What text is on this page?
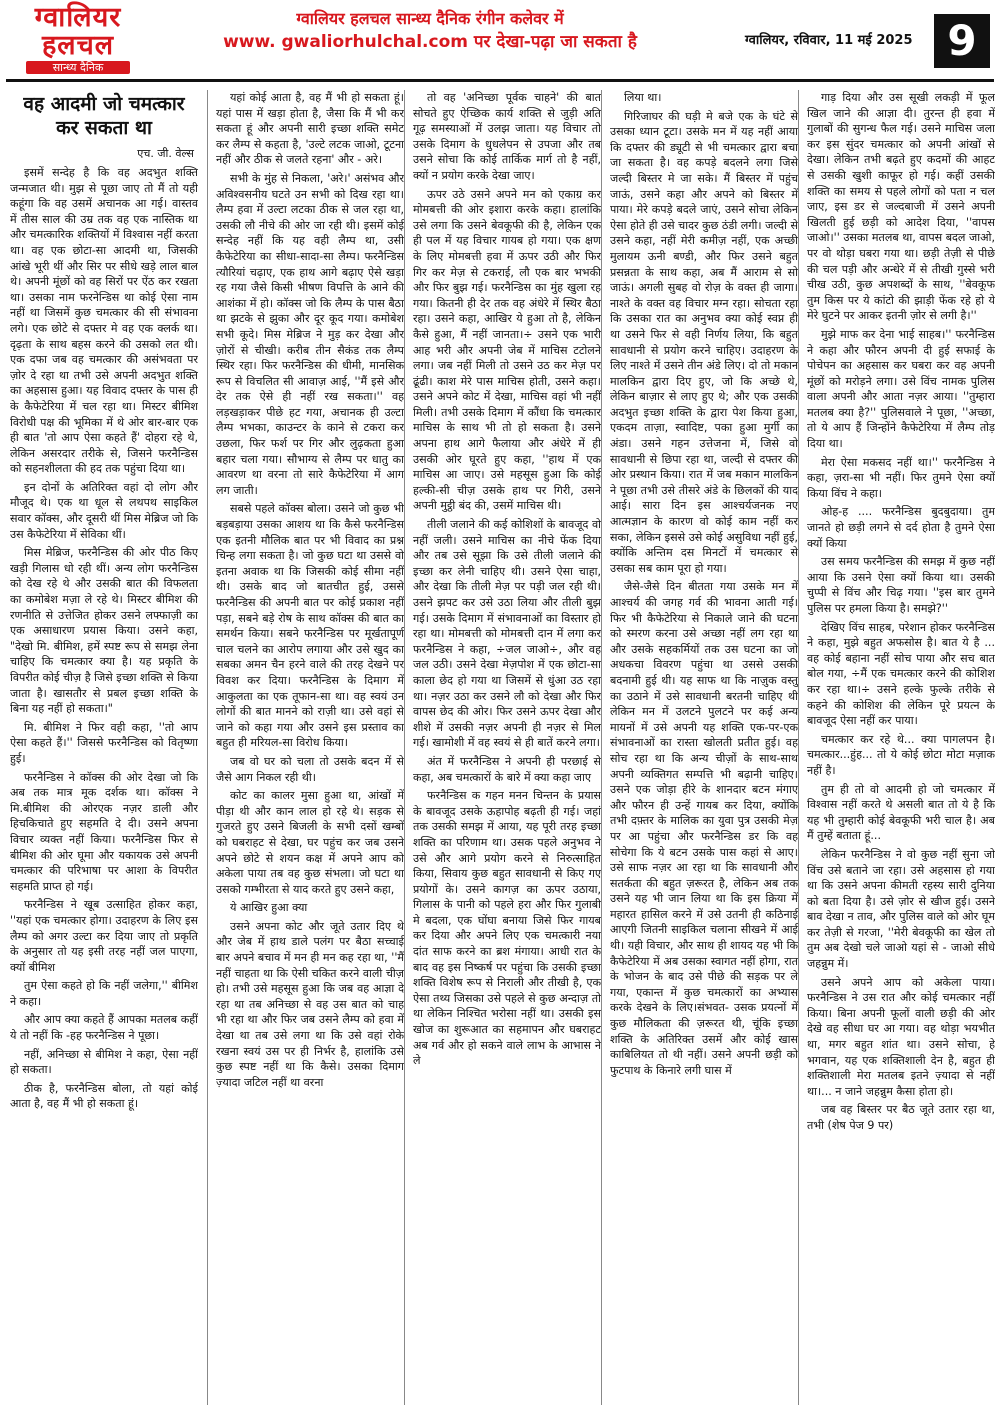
ग्वालियर
हलचल
सान्ध्य दैनिक
ग्वालियर हलचल सान्ध्य दैनिक रंगीन कलेवर में
www. gwaliorhulchal.com पर देखा-पढ़ा जा सकता है	ग्वालियर, रविवार, 11 मई 2025 9
वह आदमी जो चमत्कार कर सकता था
एच. जी. वेल्स

इसमें सन्देह है कि वह अदभुत शक्ति जन्मजात थी। मुझ से पूछा जाए तो मैं तो यही कहूंगा कि वह उसमें अचानक आ गई। वास्तव में तीस साल की उम्र तक वह एक नास्तिक था और चमत्कारिक शक्तियों में विश्वास नहीं करता था। वह एक छोटा-सा आदमी था, जिसकी आंखे भूरी थीं और सिर पर सीधे खड़े लाल बाल थे। अपनी मूंछों को वह सिरों पर ऐंठ कर रखता था। उसका नाम फरनेन्डिस था कोई ऐसा नाम नहीं था जिसमें कुछ चमत्कार की सी संभावना लगे। एक छोटे से दफ्तर मे वह एक क्लर्क था। दृढ़ता के साथ बहस करने की उसको लत थी। एक दफा जब वह चमत्कार की असंभवता पर ज़ोर दे रहा था तभी उसे अपनी अदभुत शक्ति का अहसास हुआ। यह विवाद दफ्तर के पास ही के कैफेटेरिया में चल रहा था। मिस्टर बीमिश विरोधी पक्ष की भूमिका में थे ओर बार-बार एक ही बात 'तो आप ऐसा कहते हैं' दोहरा रहे थे, लेकिन असरदार तरीके से, जिसने फरनैन्डिस को सहनशीलता की हद तक पहुंचा दिया था।

इन दोनों के अतिरिक्त वहां दो लोग और मौजूद थे। एक था धूल से लथपथ साइकिल सवार कॉक्स, और दूसरी थीं मिस मेब्रिज जो कि उस कैफेटेरिया में सेविका थीं।

मिस मेब्रिज, फरनैन्डिस की ओर पीठ किए खड़ी गिलास धो रही थीं। अन्य लोग फरनैन्डिस को देख रहे थे और उसकी बात की विफलता का कमोबेश मज़ा ले रहे थे। मिस्टर बीमिश की रणनीति से उत्तेजित होकर उसने लफ्फाज़ी का एक असाधारण प्रयास किया। उसने कहा, "देखो मि. बीमिश, हमें स्पष्ट रूप से समझ लेना चाहिए कि चमत्कार क्या है। यह प्रकृति के विपरीत कोई चीज़ है जिसे इच्छा शक्ति से किया जाता है। खासतौर से प्रबल इच्छा शक्ति के बिना यह नहीं हो सकता।"

मि. बीमिश ने फिर वही कहा, ''तो आप ऐसा कहते हैं।'' जिससे फरनैन्डिस को वितृष्णा हुई।

फरनैन्डिस ने कॉक्स की ओर देखा जो कि अब तक मात्र मूक दर्शक था। कॉक्स ने मि.बीमिश की ओरएक नज़र डाली और हिचकिचाते हुए सहमति दे दी। उसने अपना विचार व्यक्त नहीं किया। फरनैन्डिस फिर से बीमिश की ओर घूमा और यकायक उसे अपनी चमत्कार की परिभाषा पर आशा के विपरीत सहमति प्राप्त हो गई।

फरनैन्डिस ने खूब उत्साहित होकर कहा, ''यहां एक चमत्कार होगा। उदाहरण के लिए इस लैम्प को अगर उल्टा कर दिया जाए तो प्रकृति के अनुसार तो यह इसी तरह नहीं जल पाएगा, क्यों बीमिश

तुम ऐसा कहते हो कि नहीं जलेगा,'' बीमिश ने कहा।

और आप क्या कहते हैं आपका मतलब कहीं ये तो नहीं कि -हह फरनैन्डिस ने पूछा।

नहीं, अनिच्छा से बीमिश ने कहा, ऐसा नहीं हो सकता।

ठीक है, फरनैन्डिस बोला, तो यहां कोई आता है, वह मैं भी हो सकता हूं।

यहां कोई आता है, वह मैं भी हो सकता हूं। यहां पास में खड़ा होता है, जैसा कि मैं भी कर सकता हूं और अपनी सारी इच्छा शक्ति समेट कर लैम्प से कहता है, 'उल्टे लटक जाओ, टूटना नहीं और ठीक से जलते रहना' और - अरे।

सभी के मुंह से निकला, 'अरे।' असंभव और अविश्वसनीय घटते उन सभी को दिख रहा था। लैम्प हवा में उल्टा लटका ठीक से जल रहा था, उसकी लौ नीचे की ओर जा रही थी। इसमें कोई सन्देह नहीं कि यह वही लैम्प था, उसी कैफेटेरिया का सीधा-सादा-सा लैम्प। फरनैन्डिस त्यौरियां चढ़ाए, एक हाथ आगे बढ़ाए ऐसे खड़ा रह गया जैसे किसी भीषण विपत्ति के आने की आशंका में हो। कॉक्स जो कि लैम्प के पास बैठा था झटके से झुका और दूर कूद गया। कमोबेश सभी कूदे। मिस मेब्रिज ने मुड़ कर देखा और ज़ोरों से चीखी। करीब तीन सैकंड तक लैम्प स्थिर रहा। फिर फरनैन्डिस की धीमी, मानसिक रूप से विचलित सी आवाज़ आई, ''मैं इसे और देर तक ऐसे ही नहीं रख सकता।'' वह लड़खड़ाकर पीछे हट गया, अचानक ही उल्टा लैम्प भभका, काउन्टर के काने से टकरा कर उछला, फिर फर्श पर गिर और लुढ़कता हुआ बहार चला गया। सौभाग्य से लैम्प पर धातु का आवरण था वरना तो सारे कैफेटेरिया में आग लग जाती।

सबसे पहले कॉक्स बोला। उसने जो कुछ भी बड़बड़ाया उसका आशय था कि कैसे फरनैन्डिस एक इतनी मौलिक बात पर भी विवाद का प्रश्न चिन्ह लगा सकता है। जो कुछ घटा था उससे वो इतना अवाक था कि जिसकी कोई सीमा नहीं थी। उसके बाद जो बातचीत हुई, उससे फरनैन्डिस की अपनी बात पर कोई प्रकाश नहीं पड़ा, सबने बड़े रोष के साथ कॉक्स की बात का समर्थन किया। सबने फरनैन्डिस पर मूर्खतापूर्ण चाल चलने का आरोप लगाया और उसे खुद का सबका अमन चैन हरने वाले की तरह देखने पर विवश कर दिया। फरनैन्डिस के दिमाग में आकुलता का एक तूफान-सा था। वह स्वयं उन लोगों की बात मानने को राज़ी था। उसे वहां से जाने को कहा गया और उसने इस प्रस्ताव का बहुत ही मरियल-सा विरोध किया।

जब वो घर को चला तो उसके बदन में से जैसे आग निकल रही थी।

कोट का कालर मुसा हुआ था, आंखों में पीड़ा थी और कान लाल हो रहे थे। सड़क से गुजरते हुए उसने बिजली के सभी दसों खम्बों को घबराहट से देखा, घर पहुंच कर जब उसने अपने छोटे से शयन कक्ष में अपने आप को अकेला पाया तब वह कुछ संभला। जो घटा था उसको गम्भीरता से याद करते हुए उसने कहा,

ये आखिर हुआ क्या

उसने अपना कोट और जूते उतार दिए थे और जेब में हाथ डाले पलंग पर बैठा सच्चाई बार अपने बचाव में मन ही मन कह रहा था, ''मैं नहीं चाहता था कि ऐसी चकित करने वाली चीज़ हो। तभी उसे महसूस हुआ कि जब वह आज्ञा दे रहा था तब अनिच्छा से वह उस बात को चाह भी रहा था और फिर जब उसने लैम्प को हवा में देखा था तब उसे लगा था कि उसे वहां रोके रखना स्वयं उस पर ही निर्भर है, हालांकि उसे कुछ स्पष्ट नहीं था कि कैसे। उसका दिमाग ज़्यादा जटिल नहीं था वरना

तो वह 'अनिच्छा पूर्वक चाहने' की बात सोचते हुए ऐच्छिक कार्य शक्ति से जुड़ी अति गूढ़ समस्याओं में उलझ जाता। यह विचार तो उसके दिमाग के धुधलेपन से उपजा और तब उसने सोचा कि कोई तार्किक मार्ग तो है नहीं, क्यों न प्रयोग करके देखा जाए।

ऊपर उठे उसने अपने मन को एकाग्र कर मोमबत्ती की ओर इशारा करके कहा। हालांकि उसे लगा कि उसने बेवकूफी की है, लेकिन एक ही पल में यह विचार गायब हो गया। एक क्षण के लिए मोमबत्ती हवा में ऊपर उठी और फिर गिर कर मेज़ से टकराई, लौ एक बार भभकी और फिर बुझ गई। फरनैन्डिस का मुंह खुला रह गया। कितनी ही देर तक वह अंधेरे में स्थिर बैठा रहा। उसने कहा, आखिर ये हुआ तो है, लेकिन कैसे हुआ, मैं नहीं जानता।÷ उसने एक भारी आह भरी और अपनी जेब में माचिस टटोलने लगा। जब नहीं मिली तो उसने उठ कर मेज़ पर ढूंढी। काश मेरे पास माचिस होती, उसने कहा। उसने अपने कोट में देखा, माचिस वहां भी नहीं मिली। तभी उसके दिमाग में कौंधा कि चमत्कार माचिस के साथ भी तो हो सकता है। उसने अपना हाथ आगे फैलाया और अंधेरे में ही उसकी ओर घूरते हुए कहा, ''हाथ में एक माचिस आ जाए। उसे महसूस हुआ कि कोई हल्की-सी चीज़ उसके हाथ पर गिरी, उसने अपनी मुट्ठी बंद की, उसमें माचिस थी।

तीली जलाने की कई कोशिशों के बावजूद वो नहीं जली। उसने माचिस का नीचे फेंक दिया और तब उसे सूझा कि उसे तीली जलाने की इच्छा कर लेनी चाहिए थी। उसने ऐसा चाहा, और देखा कि तीली मेज़ पर पड़ी जल रही थी। उसने झपट कर उसे उठा लिया और तीली बुझ गई। उसके दिमाग में संभावनाओं का विस्तार हो रहा था। मोमबत्ती को मोमबत्ती दान में लगा कर फरनैन्डिस ने कहा, ÷जल जाओ÷, और वह जल उठी। उसने देखा मेज़पोश में एक छोटा-सा काला छेद हो गया था जिसमें से धुंआ उठ रहा था। नज़र उठा कर उसने लौ को देखा और फिर वापस छेद की ओर। फिर उसने ऊपर देखा और शीशे में उसकी नज़र अपनी ही नज़र से मिल गई। खामोशी में वह स्वयं से ही बातें करने लगा।

अंत में फरनैन्डिस ने अपनी ही परछाई से कहा, अब चमत्कारों के बारे में क्या कहा जाए

फरनैन्डिस क गहन मनन चिन्तन के प्रयास के बावजूद उसके ऊहापोह बढ़ती ही गई। जहां तक उसकी समझ में आया, यह पूरी तरह इच्छा शक्ति का परिणाम था। उसक पहले अनुभव ने उसे और आगे प्रयोग करने से निरुत्साहित किया, सिवाय कुछ बहुत सावधानी से किए गए प्रयोगों के। उसने कागज़ का ऊपर उठाया, गिलास के पानी को पहले हरा और फिर गुलाबी मे बदला, एक घोंघा बनाया जिसे फिर गायब कर दिया और अपने लिए एक चमत्कारी नया दांत साफ करने का ब्रश मंगाया। आधी रात के बाद वह इस निष्कर्ष पर पहुंचा कि उसकी इच्छा शक्ति विशेष रूप से निराली और तीखी है, एक ऐसा तथ्य जिसका उसे पहले से कुछ अन्दाज़ तो था लेकिन निश्चित भरोसा नहीं था। उसकी इस खोज का शुरूआत का सहमापन और घबराहट अब गर्व और हो सकने वाले लाभ के आभास ने ले

लिया था।

गिरिजाघर की घड़ी मे बजे एक के घंटे से उसका ध्यान टूटा। उसके मन में यह नहीं आया कि दफ्तर की ड्यूटी से भी चमत्कार द्वारा बचा जा सकता है। वह कपड़े बदलने लगा जिसे जल्दी बिस्तर मे जा सके। मैं बिस्तर में पहुंच जाऊं, उसने कहा और अपने को बिस्तर में पाया। मेरे कपड़े बदले जाएं, उसने सोचा लेकिन ऐसा होते ही उसे चादर कुछ ठंडी लगी। जल्दी से उसने कहा, नहीं मेरी कमीज़ नहीं, एक अच्छी मुलायम ऊनी बण्डी, और फिर उसने बहुत प्रसन्नता के साथ कहा, अब मैं आराम से सो जाऊं। अगली सुबह वो रोज़ के वक्त ही जागा। नाश्ते के वक्त वह विचार मग्न रहा। सोचता रहा कि उसका रात का अनुभव क्या कोई स्वप्न ही था उसने फिर से वही निर्णय लिया, कि बहुत सावधानी से प्रयोग करने चाहिए। उदाहरण के लिए नाश्ते में उसने तीन अंडे लिए। दो तो मकान मालकिन द्वारा दिए हुए, जो कि अच्छे थे, लेकिन बाज़ार से लाए हुए थे; और एक उसकी अदभुत इच्छा शक्ति के द्वारा पेश किया हुआ, एकदम ताज़ा, स्वादिष्ट, पका हुआ मुर्गी का अंडा। उसने गहन उत्तेजना में, जिसे वो सावधानी से छिपा रहा था, जल्दी से दफ्तर की ओर प्रस्थान किया। रात में जब मकान मालकिन ने पूछा तभी उसे तीसरे अंडे के छिलकों की याद आई। सारा दिन इस आश्चर्यजनक नए आत्मज्ञान के कारण वो कोई काम नहीं कर सका, लेकिन इससे उसे कोई असुविधा नहीं हुई, क्योंकि अन्तिम दस मिनटों में चमत्कार से उसका सब काम पूरा हो गया।

जैसे-जैसे दिन बीतता गया उसके मन में आश्चर्य की जगह गर्व की भावना आती गई। फिर भी कैफेटेरिया से निकाले जाने की घटना को स्मरण करना उसे अच्छा नहीं लग रहा था और उसके सहकर्मियों तक उस घटना का जो अधकचा विवरण पहुंचा था उससे उसकी बदनामी हुई थी। यह साफ था कि नाज़ुक वस्तु का उठाने में उसे सावधानी बरतनी चाहिए थी लेकिन मन में उलटने पुलटने पर कई अन्य मायनों में उसे अपनी यह शक्ति एक-पर-एक संभावनाओं का रास्ता खोलती प्रतीत हुई। वह सोच रहा था कि अन्य चीज़ों के साथ-साथ अपनी व्यक्तिगत सम्पत्ति भी बढ़ानी चाहिए। उसने एक जोड़ा हीरे के शानदार बटन मंगाए और फौरन ही उन्हें गायब कर दिया, क्योंकि तभी दफ़्तर के मालिक का युवा पुत्र उसकी मेज़ पर आ पहुंचा और फरनैन्डिस डर कि वह सोचेगा कि ये बटन उसके पास कहां से आए। उसे साफ नज़र आ रहा था कि सावधानी और सतर्कता की बहुत ज़रूरत है, लेकिन अब तक उसने यह भी जान लिया था कि इस क्रिया में महारत हासिल करने में उसे उतनी ही कठिनाई आएगी जितनी साइकिल चलाना सीखने में आई थी। यही विचार, और साथ ही शायद यह भी कि कैफेटेरिया में अब उसका स्वागत नहीं होगा, रात के भोजन के बाद उसे पीछे की सड़क पर ले गया, एकान्त में कुछ चमत्कारों का अभ्यास करके देखने के लिए।संभवत- उसक प्रयत्नों में कुछ मौलिकता की ज़रूरत थी, चूंकि इच्छा शक्ति के अतिरिक्त उसमें और कोई खास काबिलियत तो थी नहीं। उसने अपनी छड़ी को फुटपाथ के किनारे लगी घास में

गाड़ दिया और उस सूखी लकड़ी में फूल खिल जाने की आज्ञा दी। तुरन्त ही हवा में गुलाबों की सुगन्ध फैल गई। उसने माचिस जला कर इस सुंदर चमत्कार को अपनी आंखों से देखा। लेकिन तभी बढ़ते हुए कदमों की आहट से उसकी खुशी काफूर हो गई। कहीं उसकी शक्ति का समय से पहले लोगों को पता न चल जाए, इस डर से जल्दबाजी में उसने अपनी खिलती हुई छड़ी को आदेश दिया, ''वापस जाओ।'' उसका मतलब था, वापस बदल जाओ, पर वो थोड़ा घबरा गया था। छड़ी तेज़ी से पीछे की चल पड़ी और अन्धेरे में से तीखी गुस्से भरी चीख उठी, कुछ अपशब्दों के साथ, ''बेवकूफ तुम किस पर ये कांटो की झाड़ी फेंक रहे हो ये मेरे घुटने पर आकर इतनी ज़ोर से लगी है।''

मुझे माफ कर देना भाई साहब।'' फरनैन्डिस ने कहा और फौरन अपनी दी हुई सफाई के पोचेपन का अहसास कर घबरा कर वह अपनी मूंछों को मरोड़ने लगा। उसे विंच नामक पुलिस वाला अपनी और आता नज़र आया। ''तुम्हारा मतलब क्या है?'' पुलिसवाले ने पूछा, ''अच्छा, तो ये आप हैं जिन्होंने कैफेटेरिया में लैम्प तोड़ दिया था।

मेरा ऐसा मकसद नहीं था।'' फरनैन्डिस ने कहा, ज़रा-सा भी नहीं। फिर तुमने ऐसा क्यों किया विंच ने कहा।

ओह-ह .... फरनैन्डिस बुदबुदाया। तुम जानते हो छड़ी लगने से दर्द होता है तुमने ऐसा क्यों किया

उस समय फरनैन्डिस की समझ में कुछ नहीं आया कि उसने ऐसा क्यों किया था। उसकी चुप्पी से विंच और चिढ़ गया। ''इस बार तुमने पुलिस पर हमला किया है। समझे?''

देखिए विंच साहब, परेशान होकर फरनैन्डिस ने कहा, मुझे बहुत अफसोस है। बात ये है ... वह कोई बहाना नहीं सोच पाया और सच बात बोल गया, ÷मैं एक चमत्कार करने की कोशिश कर रहा था।÷ उसने हल्के फुल्के तरीके से कहने की कोशिश की लेकिन पूरे प्रयत्न के बावजूद ऐसा नहीं कर पाया।

चमत्कार कर रहे थे... क्या पागलपन है। चमत्कार...हुंह... तो ये कोई छोटा मोटा मज़ाक नहीं है।

तुम ही तो वो आदमी हो जो चमत्कार में विश्वास नहीं करते थे असली बात तो ये है कि यह भी तुम्हारी कोई बेवकूफी भरी चाल है। अब मैं तुम्हें बताता हूं...

लेकिन फरनैन्डिस ने वो कुछ नहीं सुना जो विंच उसे बताने जा रहा। उसे अहसास हो गया था कि उसने अपना कीमती रहस्य सारी दुनिया को बता दिया है। उसे ज़ोर से खीज हुई। उसने बाव देखा न ताव, और पुलिस वाले को ओर घूम कर तेज़ी से गरजा, ''मेरी बेवकूफी का खेल तो तुम अब देखो चले जाओ यहां से - जाओ सीधे जहन्नुम में।

उसने अपने आप को अकेला पाया। फरनैन्डिस ने उस रात और कोई चमत्कार नहीं किया। बिना अपनी फूलों वाली छड़ी की ओर देखे वह सीधा घर आ गया। वह थोड़ा भयभीत था, मगर बहुत शांत था। उसने सोचा, हे भगवान, यह एक शक्तिशाली देन है, बहुत ही शक्तिशाली मेरा मतलब इतने ज़्यादा से नहीं था।... न जाने जहन्नुम कैसा होता हो।

जब वह बिस्तर पर बैठ जूते उतार रहा था, तभी (शेष पेज 9 पर)
